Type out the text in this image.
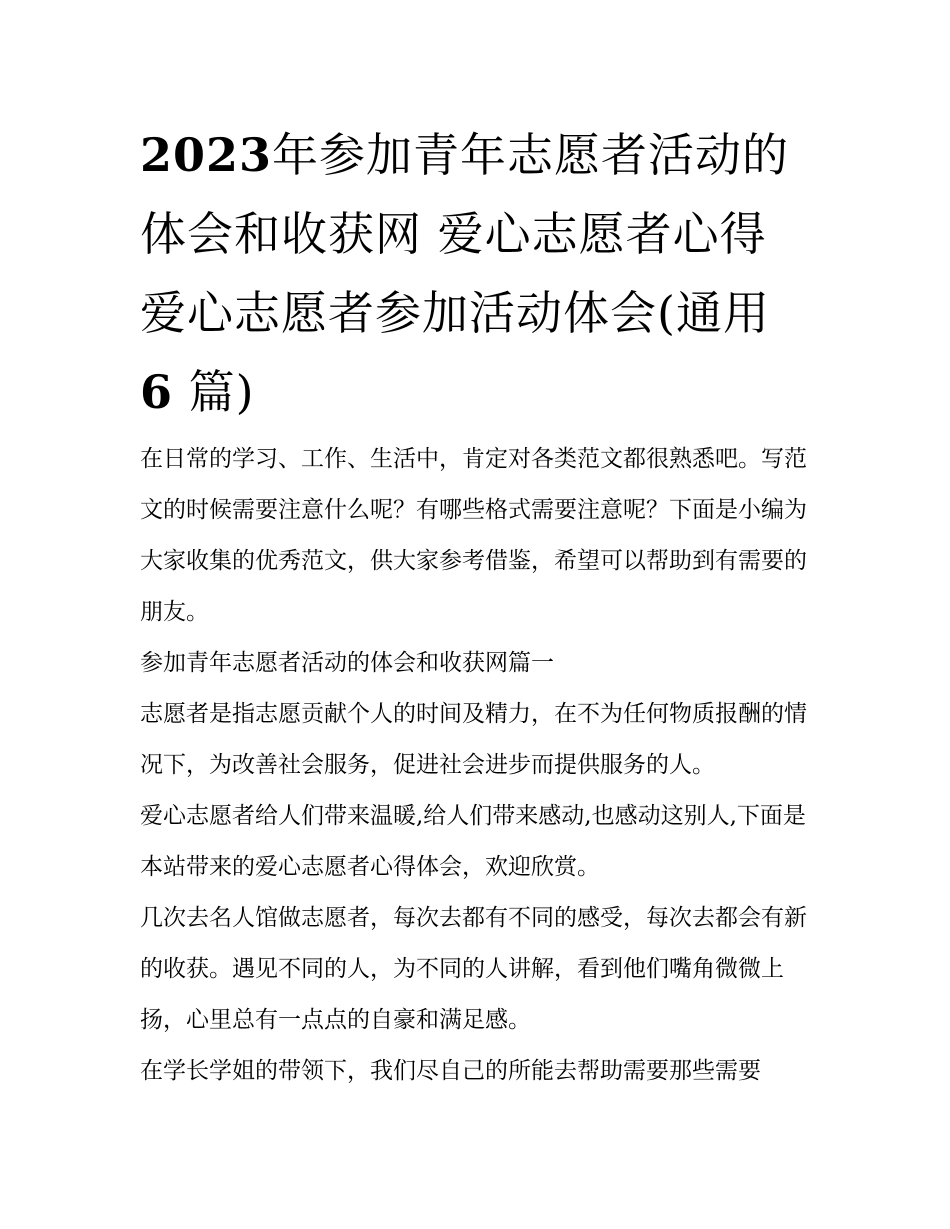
2023年参加青年志愿者活动的体会和收获网 爱心志愿者心得 爱心志愿者参加活动体会(通用
6 篇)

在日常的学习、工作、生活中，肯定对各类范文都很熟悉吧。写范文的时候需要注意什么呢？有哪些格式需要注意呢？下面是小编为大家收集的优秀范文，供大家参考借鉴，希望可以帮助到有需要的朋友。

参加青年志愿者活动的体会和收获网篇一

志愿者是指志愿贡献个人的时间及精力，在不为任何物质报酬的情况下，为改善社会服务，促进社会进步而提供服务的人。

爱心志愿者给人们带来温暖,给人们带来感动,也感动这别人,下面是本站带来的爱心志愿者心得体会，欢迎欣赏。

几次去名人馆做志愿者，每次去都有不同的感受，每次去都会有新的收获。遇见不同的人，为不同的人讲解，看到他们嘴角微微上扬，心里总有一点点的自豪和满足感。

在学长学姐的带领下，我们尽自己的所能去帮助需要那些需要
